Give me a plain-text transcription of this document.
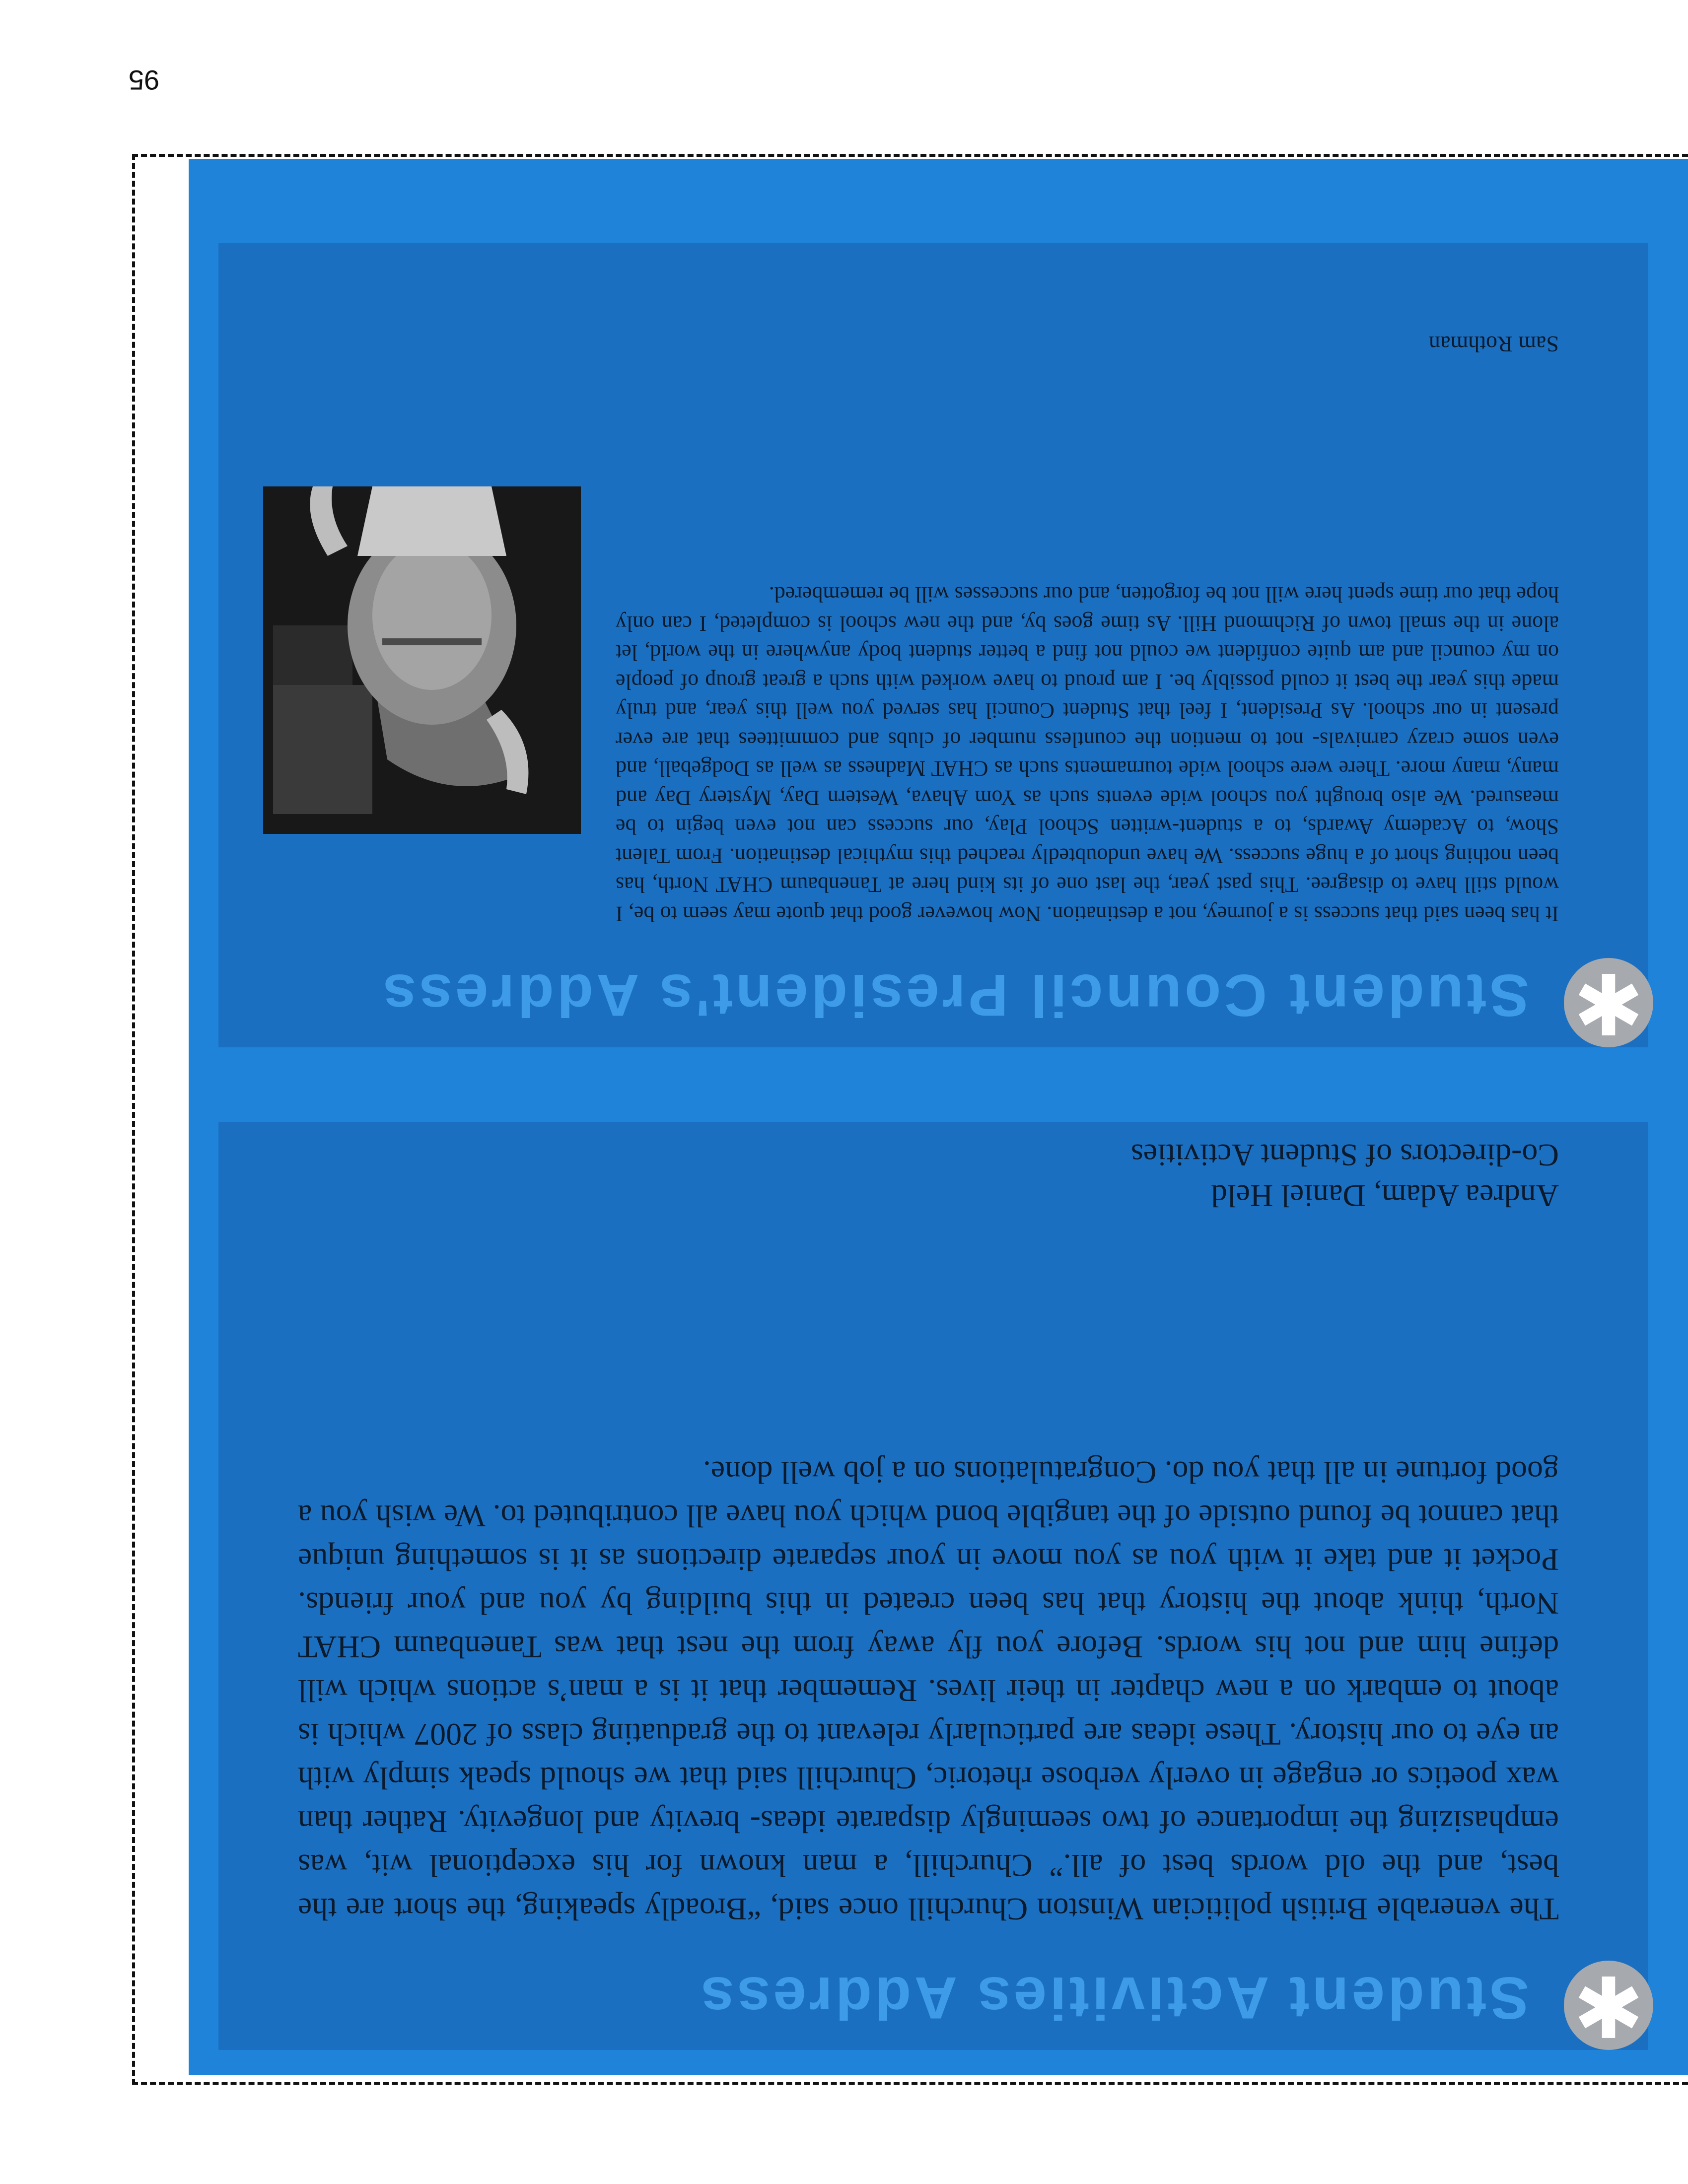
95
Student Activities Address
The venerable British politician Winston Churchill once said, “Broadly speaking, the short are the best, and the old words best of all.” Churchill, a man known for his exceptional wit, was emphasizing the importance of two seemingly disparate ideas- brevity and longevity. Rather than wax poetics or engage in overly verbose rhetoric, Churchill said that we should speak simply with an eye to our history. These ideas are particularly relevant to the graduating class of 2007 which is about to embark on a new chapter in their lives. Remember that it is a man’s actions which will define him and not his words. Before you fly away from the nest that was Tanenbaum CHAT North, think about the history that has been created in this building by you and your friends. Pocket it and take it with you as you move in your separate directions as it is something unique that cannot be found outside of the tangible bond which you have all contributed to. We wish you a good fortune in all that you do. Congratulations on a job well done.
Andrea Adam, Daniel Held
Co-directors of Student Activities
✱
Student Council President's Address
It has been said that success is a journey, not a destination. Now however good that quote may seem to be, I would still have to disagree. This past year, the last one of its kind here at Tanenbaum CHAT North, has been nothing short of a huge success. We have undoubtedly reached this mythical destination. From Talent Show, to Academy Awards, to a student-written School Play, our success can not even begin to be measured. We also brought you school wide events such as Yom Ahava, Western Day, Mystery Day and many, many more. There were school wide tournaments such as CHAT Madness as well as Dodgeball, and even some crazy carnivals- not to mention the countless number of clubs and committees that are ever present in our school. As President, I feel that Student Council has served you well this year, and truly made this year the best it could possibly be. I am proud to have worked with such a great group of people on my council and am quite confident we could not find a better student body anywhere in the world, let alone in the small town of Richmond Hill. As time goes by, and the new school is completed, I can only hope that our time spent here will not be forgotten, and our successes will be remembered.
Sam Rothman
✱
